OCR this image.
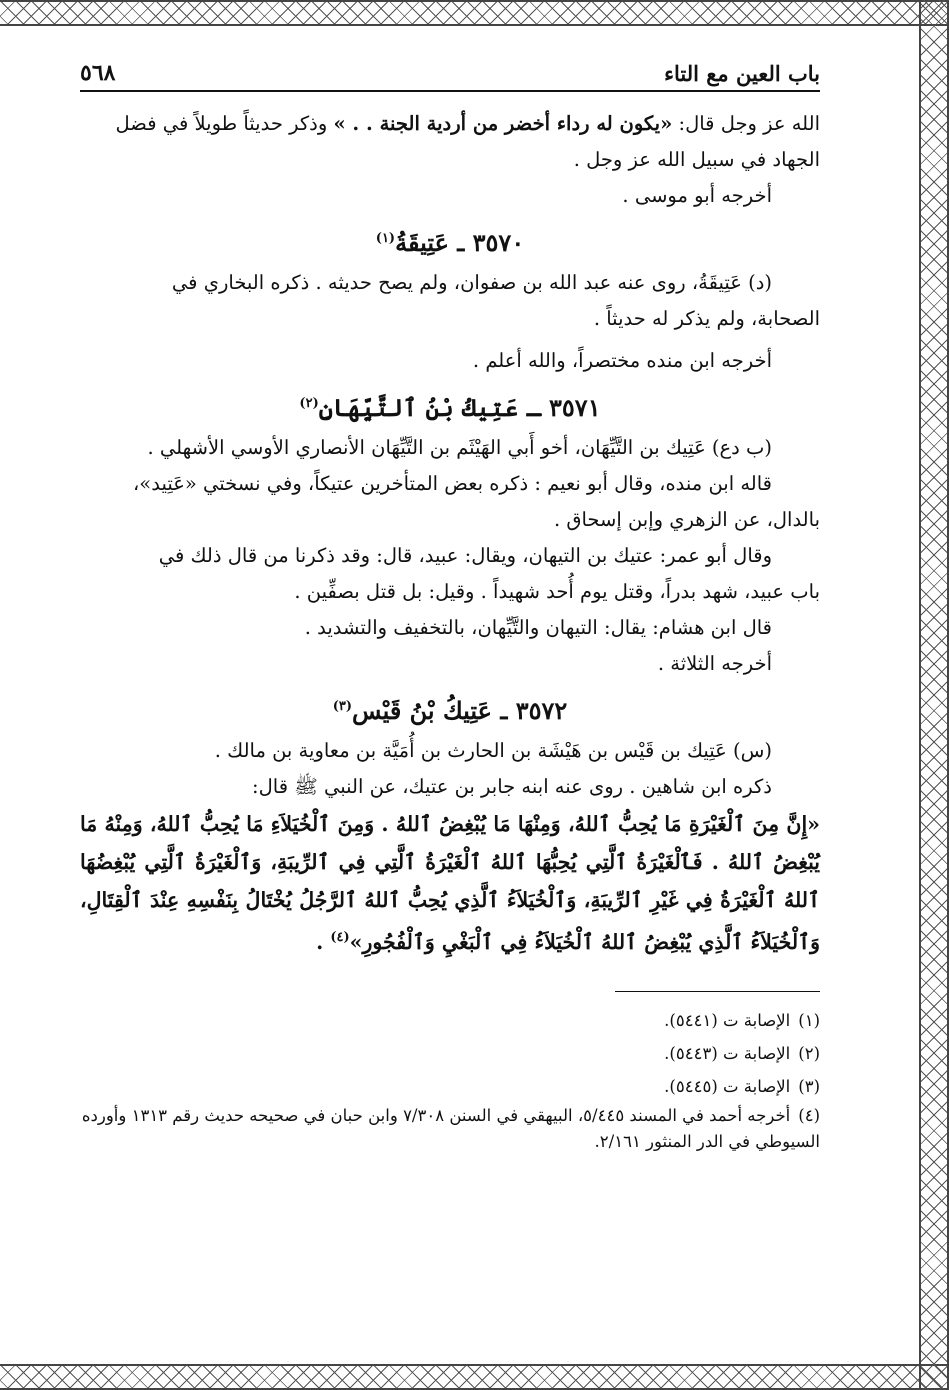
باب العين مع التاء
٥٦٨

الله عز وجل قال: «يكون له رداء أخضر من أردية الجنة . . » وذكر حديثاً طويلاً في فضل

الجهاد في سبيل الله عز وجل .

أخرجه أبو موسى .

٣٥٧٠ ـ عَتِيقَةُ$^{(١)}$

(د) عَتِيقَةُ، روى عنه عبد الله بن صفوان، ولم يصح حديثه . ذكره البخاري في

الصحابة، ولم يذكر له حديثاً .

أخرجه ابن منده مختصراً، والله أعلم .

٣٥٧١ ـ عَتِيكُ بْنُ ٱلتَّيِّهَانِ$^{(٢)}$

(ب دع) عَتِيك بن التَّيِّهَان، أخو أَبي الهَيْثَم بن التَّيِّهَان الأنصاري الأوسي الأشهلي .

قاله ابن منده، وقال أبو نعيم : ذكره بعض المتأخرين عتيكاً، وفي نسختي «عَتِيد»،

بالدال، عن الزهري وإبن إسحاق .

وقال أبو عمر: عتيك بن التيهان، ويقال: عبيد، قال: وقد ذكرنا من قال ذلك في

باب عبيد، شهد بدراً، وقتل يوم أُحد شهيداً . وقيل: بل قتل بصفِّين .

قال ابن هشام: يقال: التيهان والتَّيِّهان، بالتخفيف والتشديد .

أخرجه الثلاثة .

٣٥٧٢ ـ عَتِيكُ بْنُ قَيْس$^{(٣)}$

(س) عَتِيك بن قَيْس بن هَيْشَة بن الحارث بن أُمَيَّة بن معاوية بن مالك .

ذكره ابن شاهين . روى عنه ابنه جابر بن عتيك، عن النبي ﷺ قال:

«إِنَّ مِنَ ٱلْغَيْرَةِ مَا يُحِبُّ ٱللهُ، وَمِنْهَا مَا يُبْغِضُ ٱللهُ . وَمِنَ ٱلْخُيَلاَءِ مَا يُحِبُّ ٱللهُ، وَمِنْهُ مَا يُبْغِضُ ٱللهُ . فَٱلْغَيْرَةُ ٱلَّتِي يُحِبُّهَا ٱللهُ ٱلْغَيْرَةُ ٱلَّتِي فِي ٱلرِّيبَةِ، وَٱلْغَيْرَةُ ٱلَّتِي يُبْغِضُهَا ٱللهُ ٱلْغَيْرَةُ فِي غَيْرِ ٱلرِّيبَةِ، وَٱلْخُيَلاَءُ ٱلَّذِي يُحِبُّ ٱللهُ ٱلرَّجُلُ يُخْتَالُ بِنَفْسِهِ عِنْدَ ٱلْقِتَالِ، وَٱلْخُيَلاَءُ ٱلَّذِي يُبْغِضُ ٱللهُ ٱلْخُيَلاَءُ فِي ٱلْبَغْيِ وَٱلْفُجُورِ»$^{(٤)}$ .

(١)الإصابة ت (٥٤٤١).

(٢)الإصابة ت (٥٤٤٣).

(٣)الإصابة ت (٥٤٤٥).

(٤)أخرجه أحمد في المسند ٥/٤٤٥، البيهقي في السنن ٧/٣٠٨ وابن حبان في صحيحه حديث رقم ١٣١٣ وأورده السيوطي في الدر المنثور ٢/١٦١.
